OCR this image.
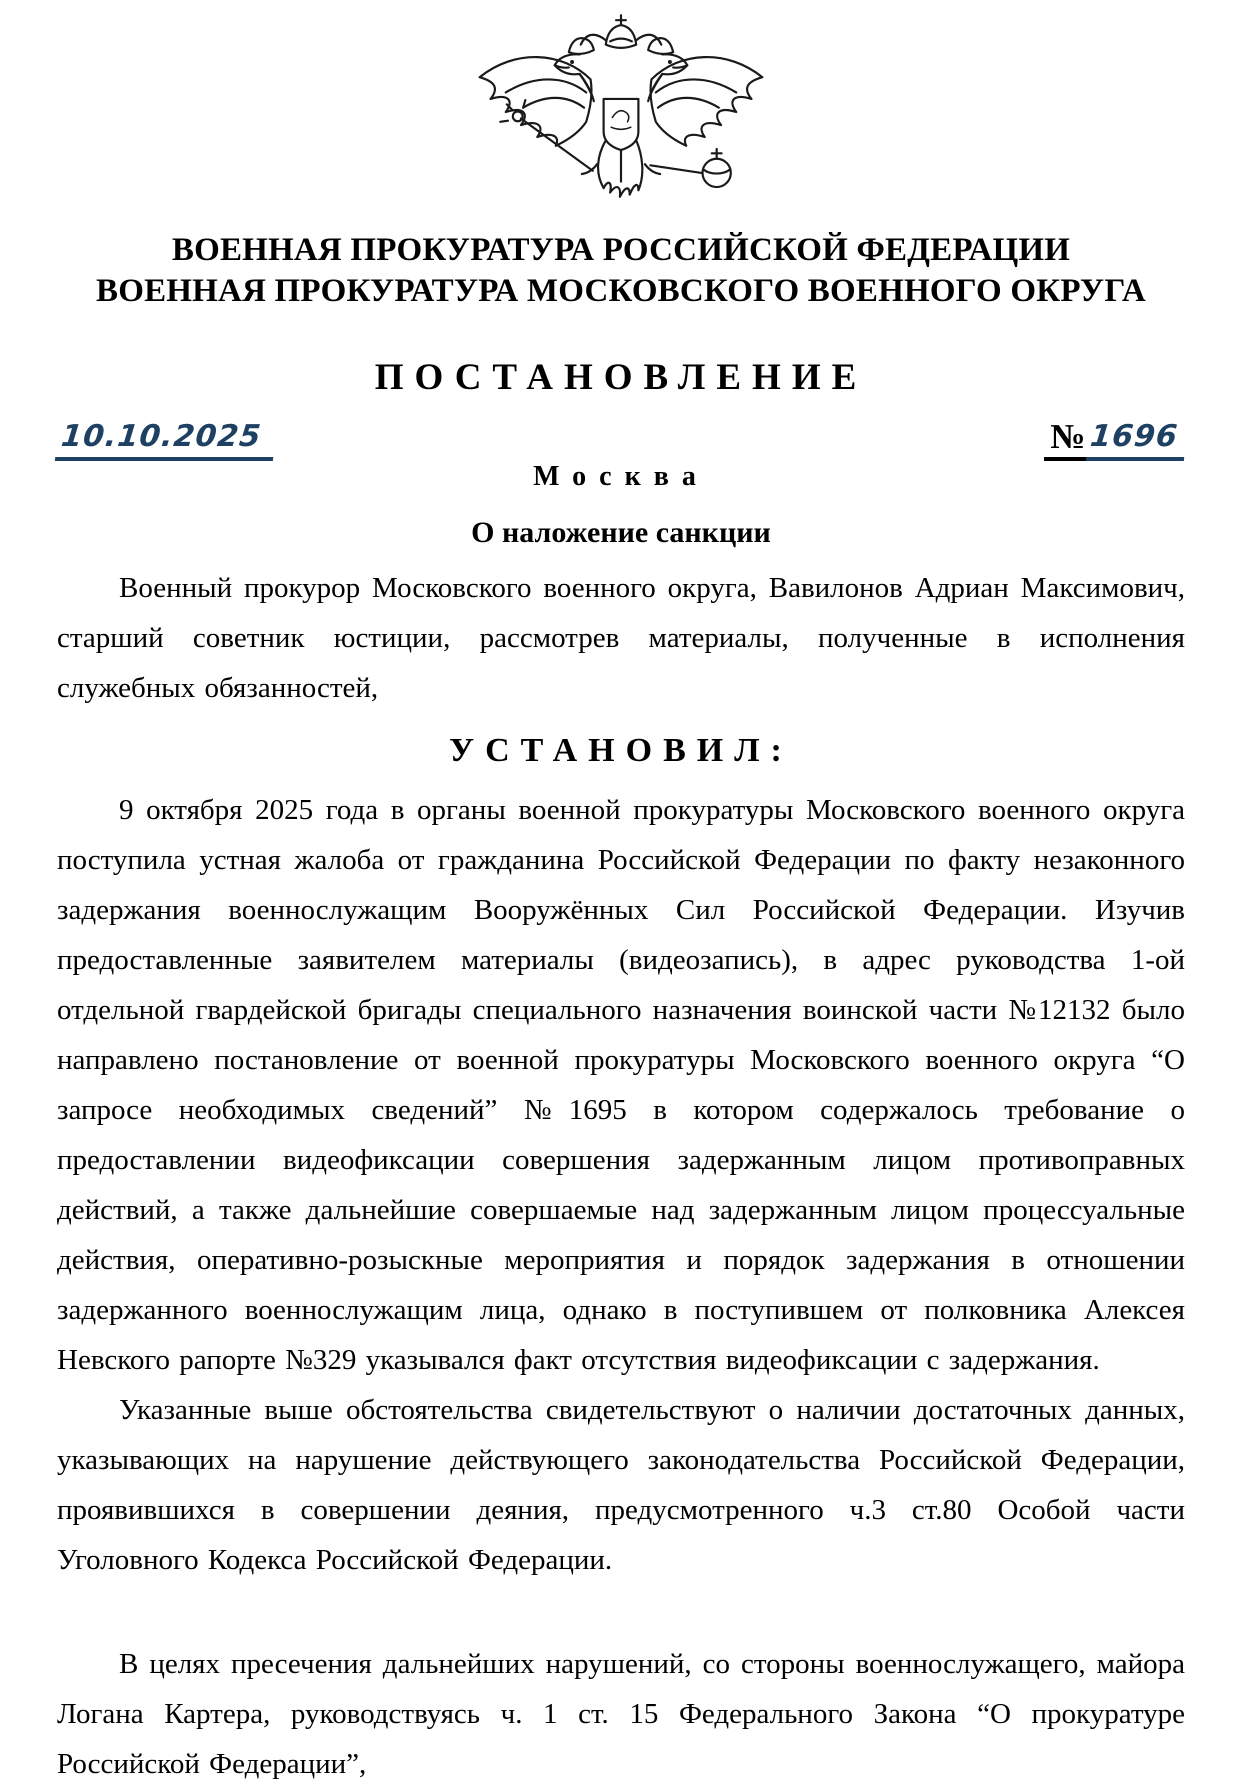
ВОЕННАЯ ПРОКУРАТУРА РОССИЙСКОЙ ФЕДЕРАЦИИ
ВОЕННАЯ ПРОКУРАТУРА МОСКОВСКОГО ВОЕННОГО ОКРУГА
ПОСТАНОВЛЕНИЕ
10.10.2025	№ 1696
Москва
О наложение санкции

Военный прокурор Московского военного округа, Вавилонов Адриан Максимович, старший советник юстиции, рассмотрев материалы, полученные в исполнения служебных обязанностей,

УСТАНОВИЛ:

9 октября 2025 года в органы военной прокуратуры Московского военного округа поступила устная жалоба от гражданина Российской Федерации по факту незаконного задержания военнослужащим Вооружённых Сил Российской Федерации. Изучив предоставленные заявителем материалы (видеозапись), в адрес руководства 1-ой отдельной гвардейской бригады специального назначения воинской части №12132 было направлено постановление от военной прокуратуры Московского военного округа “О запросе необходимых сведений” №1695 в котором содержалось требование о предоставлении видеофиксации совершения задержанным лицом противоправных действий, а также дальнейшие совершаемые над задержанным лицом процессуальные действия, оперативно-розыскные мероприятия и порядок задержания в отношении задержанного военнослужащим лица, однако в поступившем от полковника Алексея Невского рапорте №329 указывался факт отсутствия видеофиксации с задержания.

Указанные выше обстоятельства свидетельствуют о наличии достаточных данных, указывающих на нарушение действующего законодательства Российской Федерации, проявившихся в совершении деяния, предусмотренного ч.3 ст.80 Особой части Уголовного Кодекса Российской Федерации.

В целях пресечения дальнейших нарушений, со стороны военнослужащего, майора Логана Картера, руководствуясь ч. 1 ст. 15 Федерального Закона “О прокуратуре Российской Федерации”,
